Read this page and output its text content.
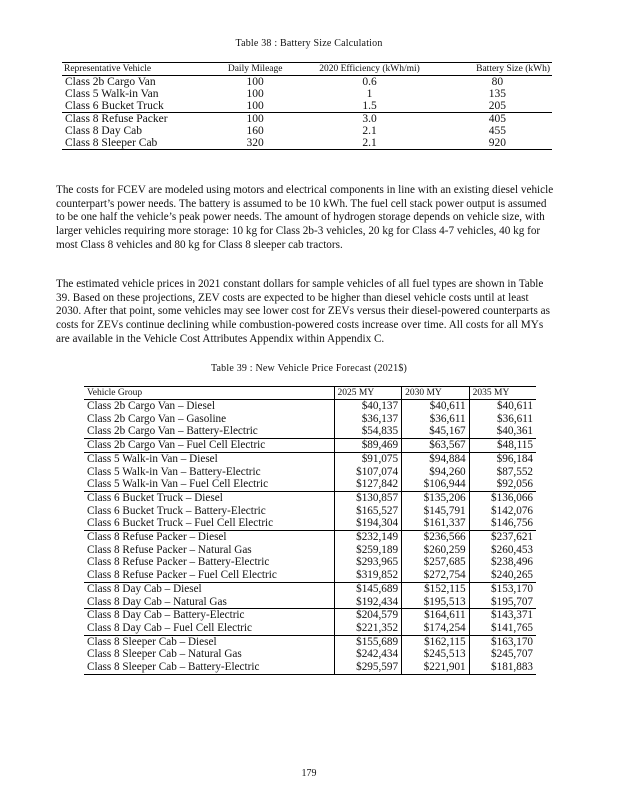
Table 38 : Battery Size Calculation
Representative Vehicle	Daily Mileage	2020 Efficiency (kWh/mi)	Battery Size (kWh)
Class 2b Cargo Van	100	0.6	80
Class 5 Walk-in Van	100	1	135
Class 6 Bucket Truck	100	1.5	205
Class 8 Refuse Packer	100	3.0	405
Class 8 Day Cab	160	2.1	455
Class 8 Sleeper Cab	320	2.1	920

The costs for FCEV are modeled using motors and electrical components in line with an existing diesel vehicle counterpart’s power needs. The battery is assumed to be 10 kWh. The fuel cell stack power output is assumed to be one half the vehicle’s peak power needs. The amount of hydrogen storage depends on vehicle size, with larger vehicles requiring more storage: 10 kg for Class 2b-3 vehicles, 20 kg for Class 4-7 vehicles, 40 kg for most Class 8 vehicles and 80 kg for Class 8 sleeper cab tractors.

The estimated vehicle prices in 2021 constant dollars for sample vehicles of all fuel types are shown in Table 39. Based on these projections, ZEV costs are expected to be higher than diesel vehicle costs until at least 2030. After that point, some vehicles may see lower cost for ZEVs versus their diesel-powered counterparts as costs for ZEVs continue declining while combustion-powered costs increase over time. All costs for all MYs are available in the Vehicle Cost Attributes Appendix within Appendix C.

Table 39 : New Vehicle Price Forecast (2021$)
Vehicle Group	2025 MY	2030 MY	2035 MY
Class 2b Cargo Van – Diesel	$40,137	$40,611	$40,611
Class 2b Cargo Van – Gasoline	$36,137	$36,611	$36,611
Class 2b Cargo Van – Battery-Electric	$54,835	$45,167	$40,361
Class 2b Cargo Van – Fuel Cell Electric	$89,469	$63,567	$48,115
Class 5 Walk-in Van – Diesel	$91,075	$94,884	$96,184
Class 5 Walk-in Van – Battery-Electric	$107,074	$94,260	$87,552
Class 5 Walk-in Van – Fuel Cell Electric	$127,842	$106,944	$92,056
Class 6 Bucket Truck – Diesel	$130,857	$135,206	$136,066
Class 6 Bucket Truck – Battery-Electric	$165,527	$145,791	$142,076
Class 6 Bucket Truck – Fuel Cell Electric	$194,304	$161,337	$146,756
Class 8 Refuse Packer – Diesel	$232,149	$236,566	$237,621
Class 8 Refuse Packer – Natural Gas	$259,189	$260,259	$260,453
Class 8 Refuse Packer – Battery-Electric	$293,965	$257,685	$238,496
Class 8 Refuse Packer – Fuel Cell Electric	$319,852	$272,754	$240,265
Class 8 Day Cab – Diesel	$145,689	$152,115	$153,170
Class 8 Day Cab – Natural Gas	$192,434	$195,513	$195,707
Class 8 Day Cab – Battery-Electric	$204,579	$164,611	$143,371
Class 8 Day Cab – Fuel Cell Electric	$221,352	$174,254	$141,765
Class 8 Sleeper Cab – Diesel	$155,689	$162,115	$163,170
Class 8 Sleeper Cab – Natural Gas	$242,434	$245,513	$245,707
Class 8 Sleeper Cab – Battery-Electric	$295,597	$221,901	$181,883
179
